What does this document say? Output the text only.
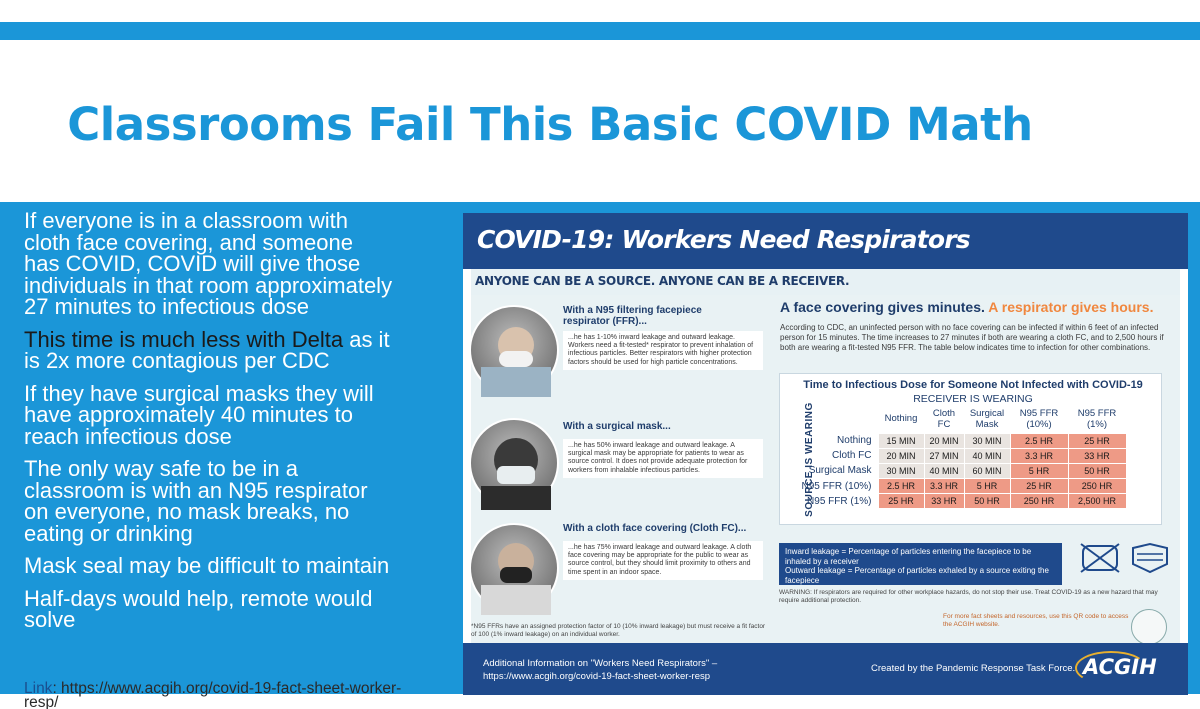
Classrooms Fail This Basic COVID Math
If everyone is in a classroom with
cloth face covering, and someone
has COVID, COVID will give those
individuals in that room approximately
27 minutes to infectious dose
This time is much less with Delta as it
is 2x more contagious per CDC
If they have surgical masks they will
have approximately 40 minutes to
reach infectious dose
The only way safe to be in a
classroom is with an N95 respirator
on everyone, no mask breaks, no
eating or drinking
Mask seal may be difficult to maintain
Half-days would help, remote would
solve
Link: https://www.acgih.org/covid-19-fact-sheet-worker-
resp/
COVID-19: Workers Need Respirators
ANYONE CAN BE A SOURCE. ANYONE CAN BE A RECEIVER.
With a N95 filtering facepiece
respirator (FFR)...
...he has 1-10% inward leakage and outward leakage. Workers need a fit-tested* respirator to prevent inhalation of infectious particles. Better respirators with higher protection factors should be used for high particle concentrations.
With a surgical mask...
...he has 50% inward leakage and outward leakage. A surgical mask may be appropriate for patients to wear as source control. It does not provide adequate protection for workers from inhalable infectious particles.
With a cloth face covering (Cloth FC)...
...he has 75% inward leakage and outward leakage. A cloth face covering may be appropriate for the public to wear as source control, but they should limit proximity to others and time spent in an indoor space.
A face covering gives minutes. A respirator gives hours.
According to CDC, an uninfected person with no face covering can be infected if within 6 feet of an infected person for 15 minutes. The time increases to 27 minutes if both are wearing a cloth FC, and to 2,500 hours if both are wearing a fit-tested N95 FFR. The table below indicates time to infection for other combinations.
Time to Infectious Dose for Someone Not Infected with COVID-19
RECEIVER IS WEARING
SOURCE IS WEARING
		Nothing	Cloth FC	Surgical Mask	N95 FFR (10%)	N95 FFR (1%)
Nothing	15 MIN	20 MIN	30 MIN	2.5 HR	25 HR
Cloth FC	20 MIN	27 MIN	40 MIN	3.3 HR	33 HR
Surgical Mask	30 MIN	40 MIN	60 MIN	5 HR	50 HR
N95 FFR (10%)	2.5 HR	3.3 HR	5 HR	25 HR	250 HR
N95 FFR (1%)	25 HR	33 HR	50 HR	250 HR	2,500 HR
Inward leakage = Percentage of particles entering the facepiece to be inhaled by a receiver
Outward leakage = Percentage of particles exhaled by a source exiting the facepiece
WARNING: If respirators are required for other workplace hazards, do not stop their use. Treat COVID-19 as a new hazard that may require additional protection.
For more fact sheets and resources, use this QR code to access the ACGIH website.
*N95 FFRs have an assigned protection factor of 10 (10% inward leakage) but must receive a fit factor of 100 (1% inward leakage) on an individual worker.
Additional Information on "Workers Need Respirators" –
https://www.acgih.org/covid-19-fact-sheet-worker-resp
Created by the Pandemic Response Task Force. ACGIH
